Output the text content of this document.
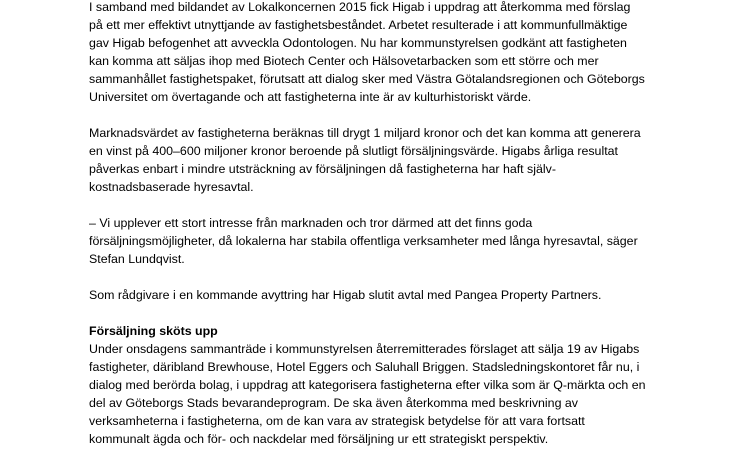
I samband med bildandet av Lokalkoncernen 2015 fick Higab i uppdrag att återkomma med förslag
på ett mer effektivt utnyttjande av fastighetsbeståndet. Arbetet resulterade i att kommunfullmäktige
gav Higab befogenhet att avveckla Odontologen. Nu har kommunstyrelsen godkänt att fastigheten
kan komma att säljas ihop med Biotech Center och Hälsovetarbacken som ett större och mer
sammanhållet fastighetspaket, förutsatt att dialog sker med Västra Götalandsregionen och Göteborgs
Universitet om övertagande och att fastigheterna inte är av kulturhistoriskt värde.

Marknadsvärdet av fastigheterna beräknas till drygt 1 miljard kronor och det kan komma att generera
en vinst på 400–600 miljoner kronor beroende på slutligt försäljningsvärde. Higabs årliga resultat
påverkas enbart i mindre utsträckning av försäljningen då fastigheterna har haft själv-
kostnadsbaserade hyresavtal.

– Vi upplever ett stort intresse från marknaden och tror därmed att det finns goda
försäljningsmöjligheter, då lokalerna har stabila offentliga verksamheter med långa hyresavtal, säger
Stefan Lundqvist.

Som rådgivare i en kommande avyttring har Higab slutit avtal med Pangea Property Partners.

Försäljning sköts upp
Under onsdagens sammanträde i kommunstyrelsen återremitterades förslaget att sälja 19 av Higabs
fastigheter, däribland Brewhouse, Hotel Eggers och Saluhall Briggen. Stadsledningskontoret får nu, i
dialog med berörda bolag, i uppdrag att kategorisera fastigheterna efter vilka som är Q-märkta och en
del av Göteborgs Stads bevarandeprogram. De ska även återkomma med beskrivning av
verksamheterna i fastigheterna, om de kan vara av strategisk betydelse för att vara fortsatt
kommunalt ägda och för- och nackdelar med försäljning ur ett strategiskt perspektiv.
